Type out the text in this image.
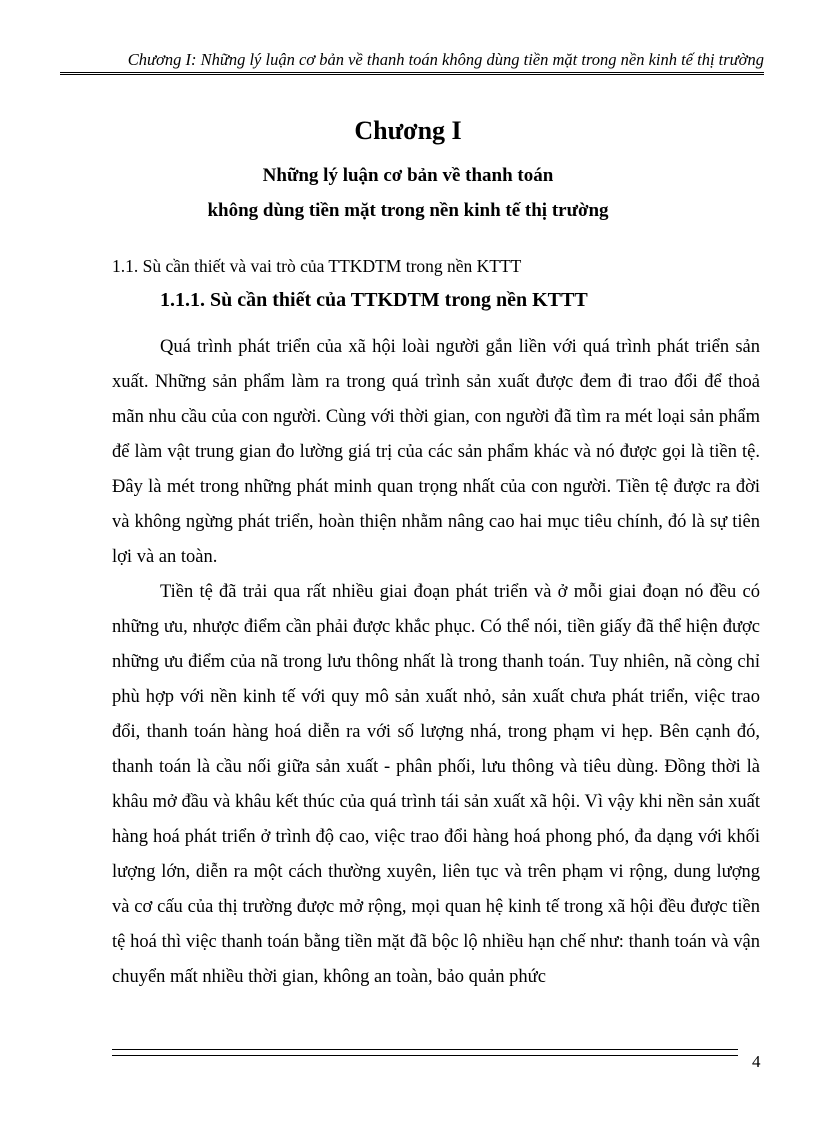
Chương I: Những lý luận cơ bản về thanh toán không dùng tiền mặt trong nền kinh tế thị trường
Chương I
Những lý luận cơ bản về thanh toán
không dùng tiền mặt trong nền kinh tế thị trường
1.1. Sù cần thiết và vai trò của TTKDTM trong nền KTTT
1.1.1. Sù cần thiết của TTKDTM trong nền KTTT

Quá trình phát triển của xã hội loài người gắn liền với quá trình phát triển sản xuất. Những sản phẩm làm ra trong quá trình sản xuất được đem đi trao đổi để thoả mãn nhu cầu của con người. Cùng với thời gian, con người đã tìm ra mét loại sản phẩm để làm vật trung gian đo lường giá trị của các sản phẩm khác và nó được gọi là tiền tệ. Đây là mét trong những phát minh quan trọng nhất của con người. Tiền tệ được ra đời và không ngừng phát triển, hoàn thiện nhằm nâng cao hai mục tiêu chính, đó là sự tiên lợi và an toàn.

Tiền tệ đã trải qua rất nhiều giai đoạn phát triển và ở mỗi giai đoạn nó đều có những ưu, nhược điểm cần phải được khắc phục. Có thể nói, tiền giấy đã thể hiện được những ưu điểm của nã trong lưu thông nhất là trong thanh toán. Tuy nhiên, nã còng chỉ phù hợp với nền kinh tế với quy mô sản xuất nhỏ, sản xuất chưa phát triển, việc trao đổi, thanh toán hàng hoá diễn ra với số lượng nhá, trong phạm vi hẹp. Bên cạnh đó, thanh toán là cầu nối giữa sản xuất - phân phối, lưu thông và tiêu dùng. Đồng thời là khâu mở đầu và khâu kết thúc của quá trình tái sản xuất xã hội. Vì vậy khi nền sản xuất hàng hoá phát triển ở trình độ cao, việc trao đổi hàng hoá phong phó, đa dạng với khối lượng lớn, diễn ra một cách thường xuyên, liên tục và trên phạm vi rộng, dung lượng và cơ cấu của thị trường được mở rộng, mọi quan hệ kinh tế trong xã hội đều được tiền tệ hoá thì việc thanh toán bằng tiền mặt đã bộc lộ nhiều hạn chế như: thanh toán và vận chuyển mất nhiều thời gian, không an toàn, bảo quản phức

4
